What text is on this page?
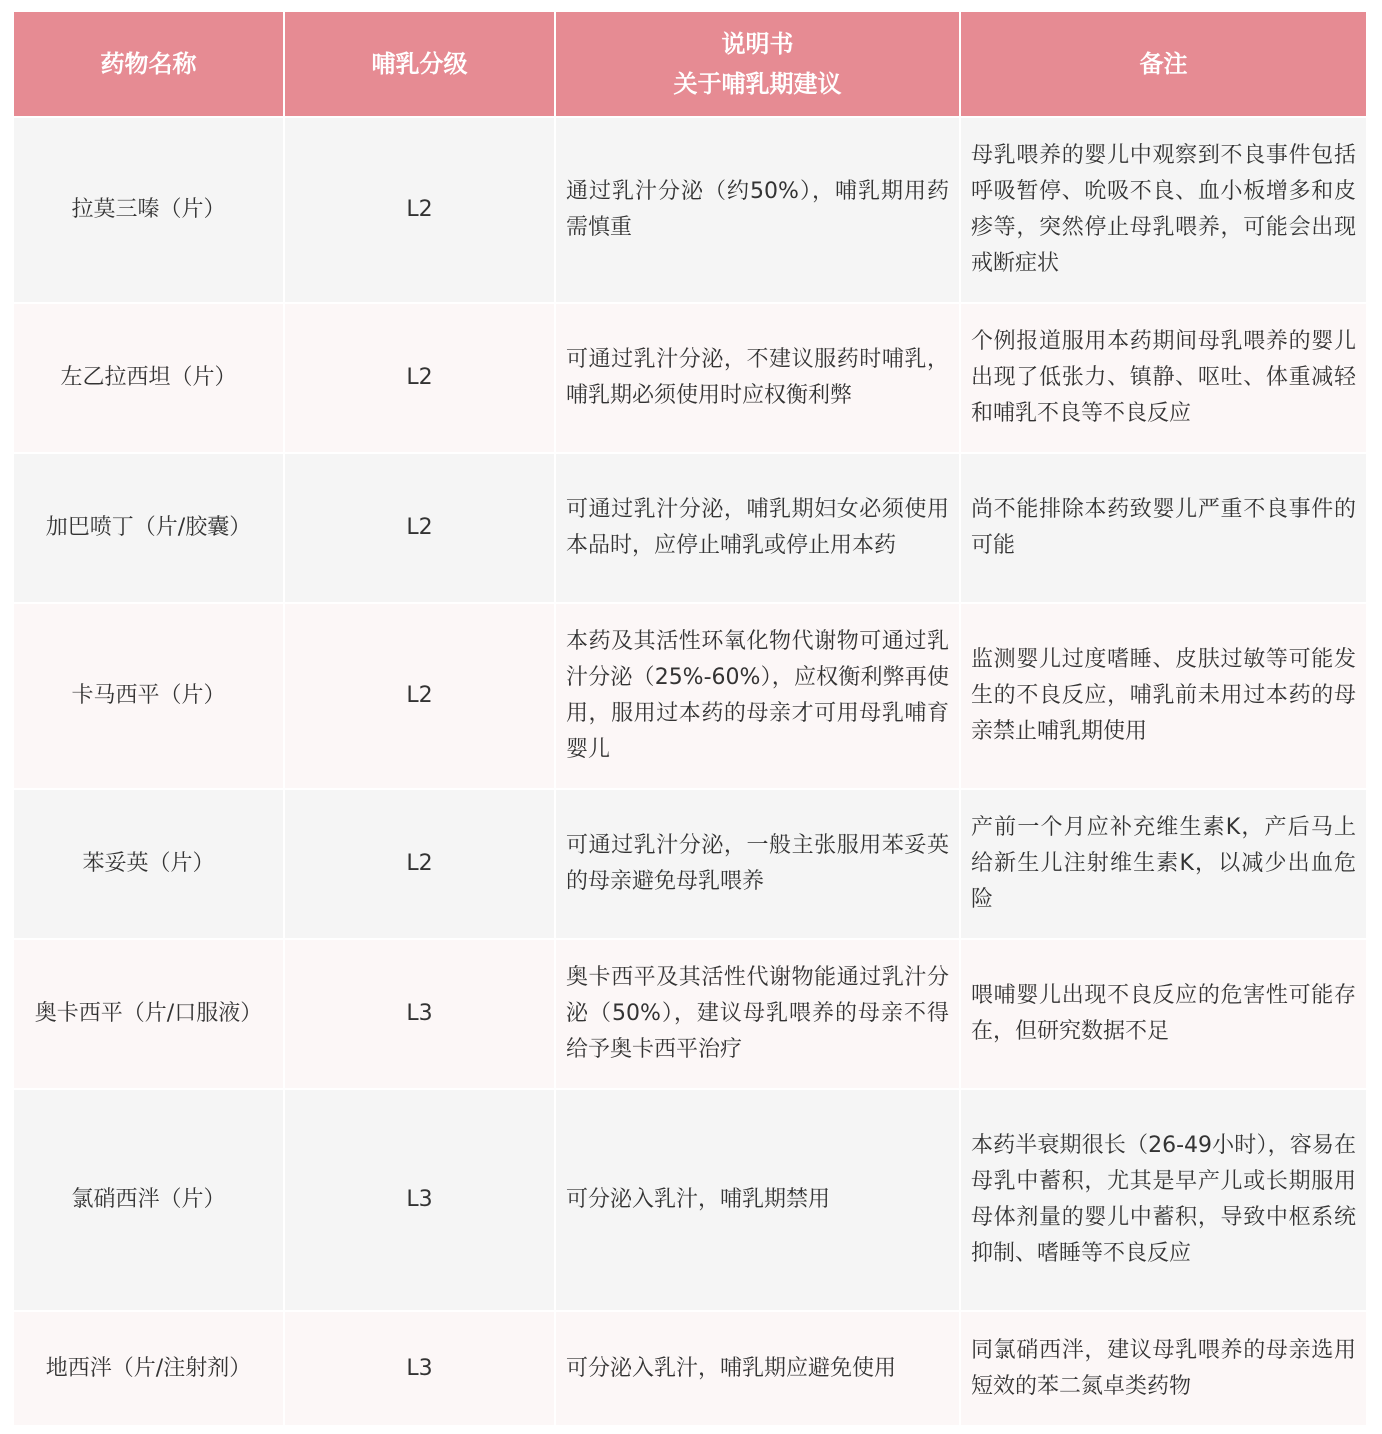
药物名称	哺乳分级	说明书
关于哺乳期建议	备注
拉莫三嗪（片）	L2	通过乳汁分泌（约50%），哺乳期用药需慎重	母乳喂养的婴儿中观察到不良事件包括呼吸暂停、吮吸不良、血小板增多和皮疹等，突然停止母乳喂养，可能会出现戒断症状
左乙拉西坦（片）	L2	可通过乳汁分泌，不建议服药时哺乳，哺乳期必须使用时应权衡利弊	个例报道服用本药期间母乳喂养的婴儿出现了低张力、镇静、呕吐、体重减轻和哺乳不良等不良反应
加巴喷丁（片/胶囊）	L2	可通过乳汁分泌，哺乳期妇女必须使用本品时，应停止哺乳或停止用本药	尚不能排除本药致婴儿严重不良事件的可能
卡马西平（片）	L2	本药及其活性环氧化物代谢物可通过乳汁分泌（25%-60%），应权衡利弊再使用，服用过本药的母亲才可用母乳哺育婴儿	监测婴儿过度嗜睡、皮肤过敏等可能发生的不良反应，哺乳前未用过本药的母亲禁止哺乳期使用
苯妥英（片）	L2	可通过乳汁分泌，一般主张服用苯妥英的母亲避免母乳喂养	产前一个月应补充维生素K，产后马上给新生儿注射维生素K，以减少出血危险
奥卡西平（片/口服液）	L3	奥卡西平及其活性代谢物能通过乳汁分泌（50%），建议母乳喂养的母亲不得给予奥卡西平治疗	喂哺婴儿出现不良反应的危害性可能存在，但研究数据不足
氯硝西泮（片）	L3	可分泌入乳汁，哺乳期禁用	本药半衰期很长（26-49小时），容易在母乳中蓄积，尤其是早产儿或长期服用母体剂量的婴儿中蓄积，导致中枢系统抑制、嗜睡等不良反应
地西泮（片/注射剂）	L3	可分泌入乳汁，哺乳期应避免使用	同氯硝西泮，建议母乳喂养的母亲选用短效的苯二氮卓类药物
